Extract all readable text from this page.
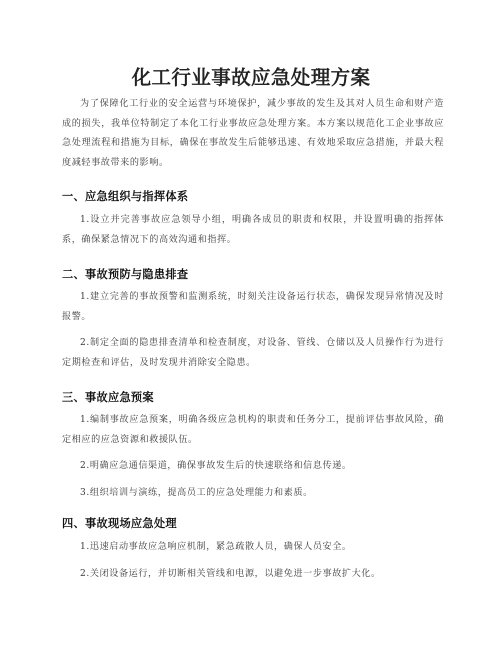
化工行业事故应急处理方案
为了保障化工行业的安全运营与环境保护，减少事故的发生及其对人员生命和财产造成的损失，我单位特制定了本化工行业事故应急处理方案。本方案以规范化工企业事故应急处理流程和措施为目标，确保在事故发生后能够迅速、有效地采取应急措施，并最大程度减轻事故带来的影响。
一、应急组织与指挥体系
1.设立并完善事故应急领导小组，明确各成员的职责和权限，并设置明确的指挥体系，确保紧急情况下的高效沟通和指挥。
二、事故预防与隐患排查
1.建立完善的事故预警和监测系统，时刻关注设备运行状态，确保发现异常情况及时报警。
2.制定全面的隐患排查清单和检查制度，对设备、管线、仓储以及人员操作行为进行定期检查和评估，及时发现并消除安全隐患。
三、事故应急预案
1.编制事故应急预案，明确各级应急机构的职责和任务分工，提前评估事故风险，确定相应的应急资源和救援队伍。
2.明确应急通信渠道，确保事故发生后的快速联络和信息传递。
3.组织培训与演练，提高员工的应急处理能力和素质。
四、事故现场应急处理
1.迅速启动事故应急响应机制，紧急疏散人员，确保人员安全。
2.关闭设备运行，并切断相关管线和电源，以避免进一步事故扩大化。
